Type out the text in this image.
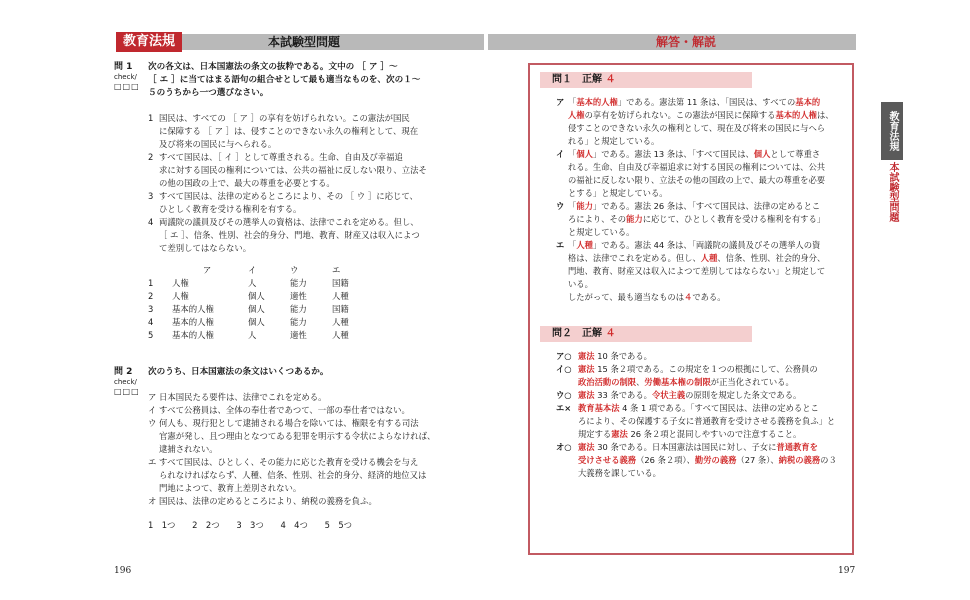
教育法規	本試験型問題	解答・解説
問 1
check/
□□□
次の各文は、日本国憲法の条文の抜粋である。文中の ［ ア ］～
［ エ ］に当てはまる語句の組合せとして最も適当なものを、次の１～
５のうちから一つ選びなさい。
1 国民は、すべての ［ ア ］の享有を妨げられない。この憲法が国民
に保障する ［ ア ］は、侵すことのできない永久の権利として、現在
及び将来の国民に与へられる。
2 すべて国民は、［ イ ］として尊重される。生命、自由及び幸福追
求に対する国民の権利については、公共の福祉に反しない限り、立法そ
の他の国政の上で、最大の尊重を必要とする。
3 すべて国民は、法律の定めるところにより、その ［ ウ ］に応じて、
ひとしく教育を受ける権利を有する。
4 両議院の議員及びその選挙人の資格は、法律でこれを定める。但し、
［ エ ］、信条、性別、社会的身分、門地、教育、財産又は収入によつ
て差別してはならない。
	ア	イ	ウ	エ
1	人権	人	能力	国籍
2	人権	個人	適性	人種
3	基本的人権	個人	能力	国籍
4	基本的人権	個人	能力	人種
5	基本的人権	人	適性	人種
問 2
check/
□□□
次のうち、日本国憲法の条文はいくつあるか。
ア 日本国民たる要件は、法律でこれを定める。
イ すべて公務員は、全体の奉仕者であつて、一部の奉仕者ではない。
ウ 何人も、現行犯として逮捕される場合を除いては、権限を有する司法
官憲が発し、且つ理由となつてゐる犯罪を明示する令状によらなければ、
逮捕されない。
エ すべて国民は、ひとしく、その能力に応じた教育を受ける機会を与え
られなければならず、人種、信条、性別、社会的身分、経済的地位又は
門地によつて、教育上差別されない。
オ 国民は、法律の定めるところにより、納税の義務を負ふ。
1　1つ　　2　2つ　　3　3つ　　4　4つ　　5　5つ
問１　正解 ４
ア 「基本的人権」である。憲法第 11 条は、「国民は、すべての基本的
人権の享有を妨げられない。この憲法が国民に保障する基本的人権は、
侵すことのできない永久の権利として、現在及び将来の国民に与へら
れる」と規定している。
イ 「個人」である。憲法 13 条は、「すべて国民は、個人として尊重さ
れる。生命、自由及び幸福追求に対する国民の権利については、公共
の福祉に反しない限り、立法その他の国政の上で、最大の尊重を必要
とする」と規定している。
ウ 「能力」である。憲法 26 条は、「すべて国民は、法律の定めるとこ
ろにより、その能力に応じて、ひとしく教育を受ける権利を有する」
と規定している。
エ 「人種」である。憲法 44 条は、「両議院の議員及びその選挙人の資
格は、法律でこれを定める。但し、人種、信条、性別、社会的身分、
門地、教育、財産又は収入によつて差別してはならない」と規定して
いる。
したがって、最も適当なものは４である。
問２　正解 ４
ア○ 憲法 10 条である。
イ○ 憲法 15 条２項である。この規定を１つの根拠にして、公務員の
政治活動の制限、労働基本権の制限が正当化されている。
ウ○ 憲法 33 条である。令状主義の原則を規定した条文である。
エ× 教育基本法 4 条 1 項である。「すべて国民は、法律の定めるとこ
ろにより、その保護する子女に普通教育を受けさせる義務を負ふ」と
規定する憲法 26 条２項と混同しやすいので注意すること。
オ○ 憲法 30 条である。日本国憲法は国民に対し、子女に普通教育を
受けさせる義務（26 条２項）、勤労の義務（27 条）、納税の義務の３
大義務を課している。
教育法規
本試験型問題
196	197
